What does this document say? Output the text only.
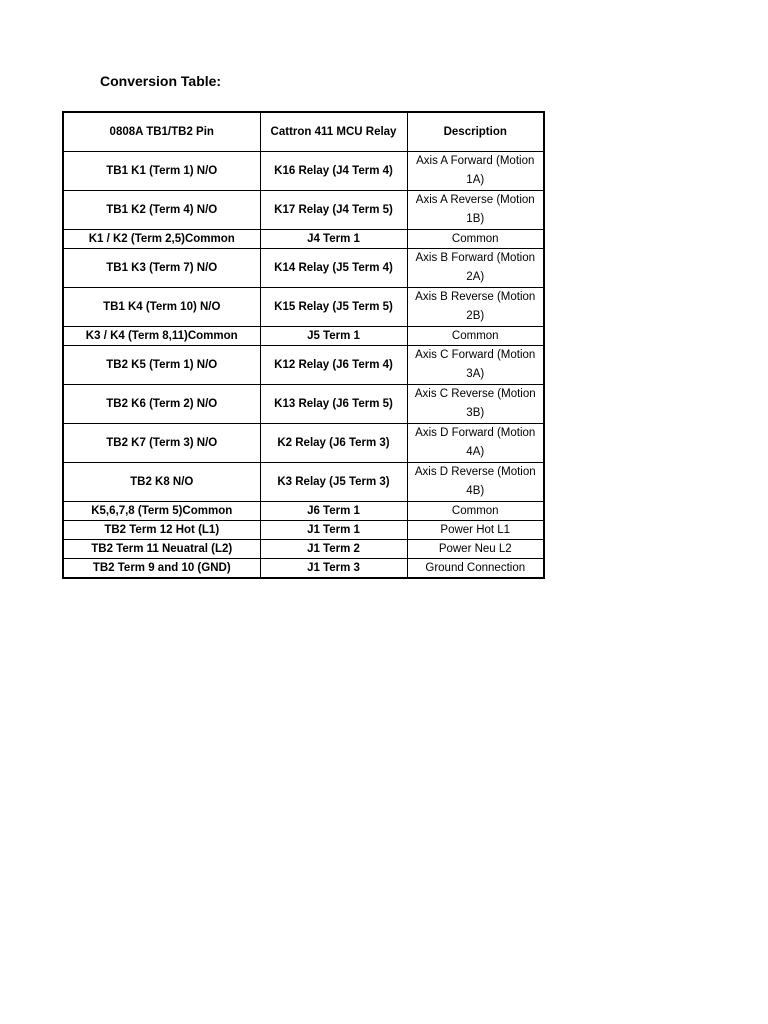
Conversion Table:
0808A TB1/TB2 Pin	Cattron 411 MCU Relay	Description
TB1 K1 (Term 1) N/O	K16 Relay (J4 Term 4)	Axis A Forward (Motion 1A)
TB1 K2 (Term 4) N/O	K17 Relay (J4 Term 5)	Axis A Reverse (Motion 1B)
K1 / K2 (Term 2,5)Common	J4 Term 1	Common
TB1 K3 (Term 7) N/O	K14 Relay (J5 Term 4)	Axis B Forward (Motion 2A)
TB1 K4 (Term 10) N/O	K15 Relay (J5 Term 5)	Axis B Reverse (Motion 2B)
K3 / K4 (Term 8,11)Common	J5 Term 1	Common
TB2 K5 (Term 1) N/O	K12 Relay (J6 Term 4)	Axis C Forward (Motion 3A)
TB2 K6 (Term 2) N/O	K13 Relay (J6 Term 5)	Axis C Reverse (Motion 3B)
TB2 K7 (Term 3) N/O	K2 Relay (J6 Term 3)	Axis D Forward (Motion 4A)
TB2 K8 N/O	K3 Relay (J5 Term 3)	Axis D Reverse (Motion 4B)
K5,6,7,8 (Term 5)Common	J6 Term 1	Common
TB2 Term 12 Hot (L1)	J1 Term 1	Power Hot L1
TB2 Term 11 Neuatral (L2)	J1 Term 2	Power Neu L2
TB2 Term 9 and 10 (GND)	J1 Term 3	Ground Connection
